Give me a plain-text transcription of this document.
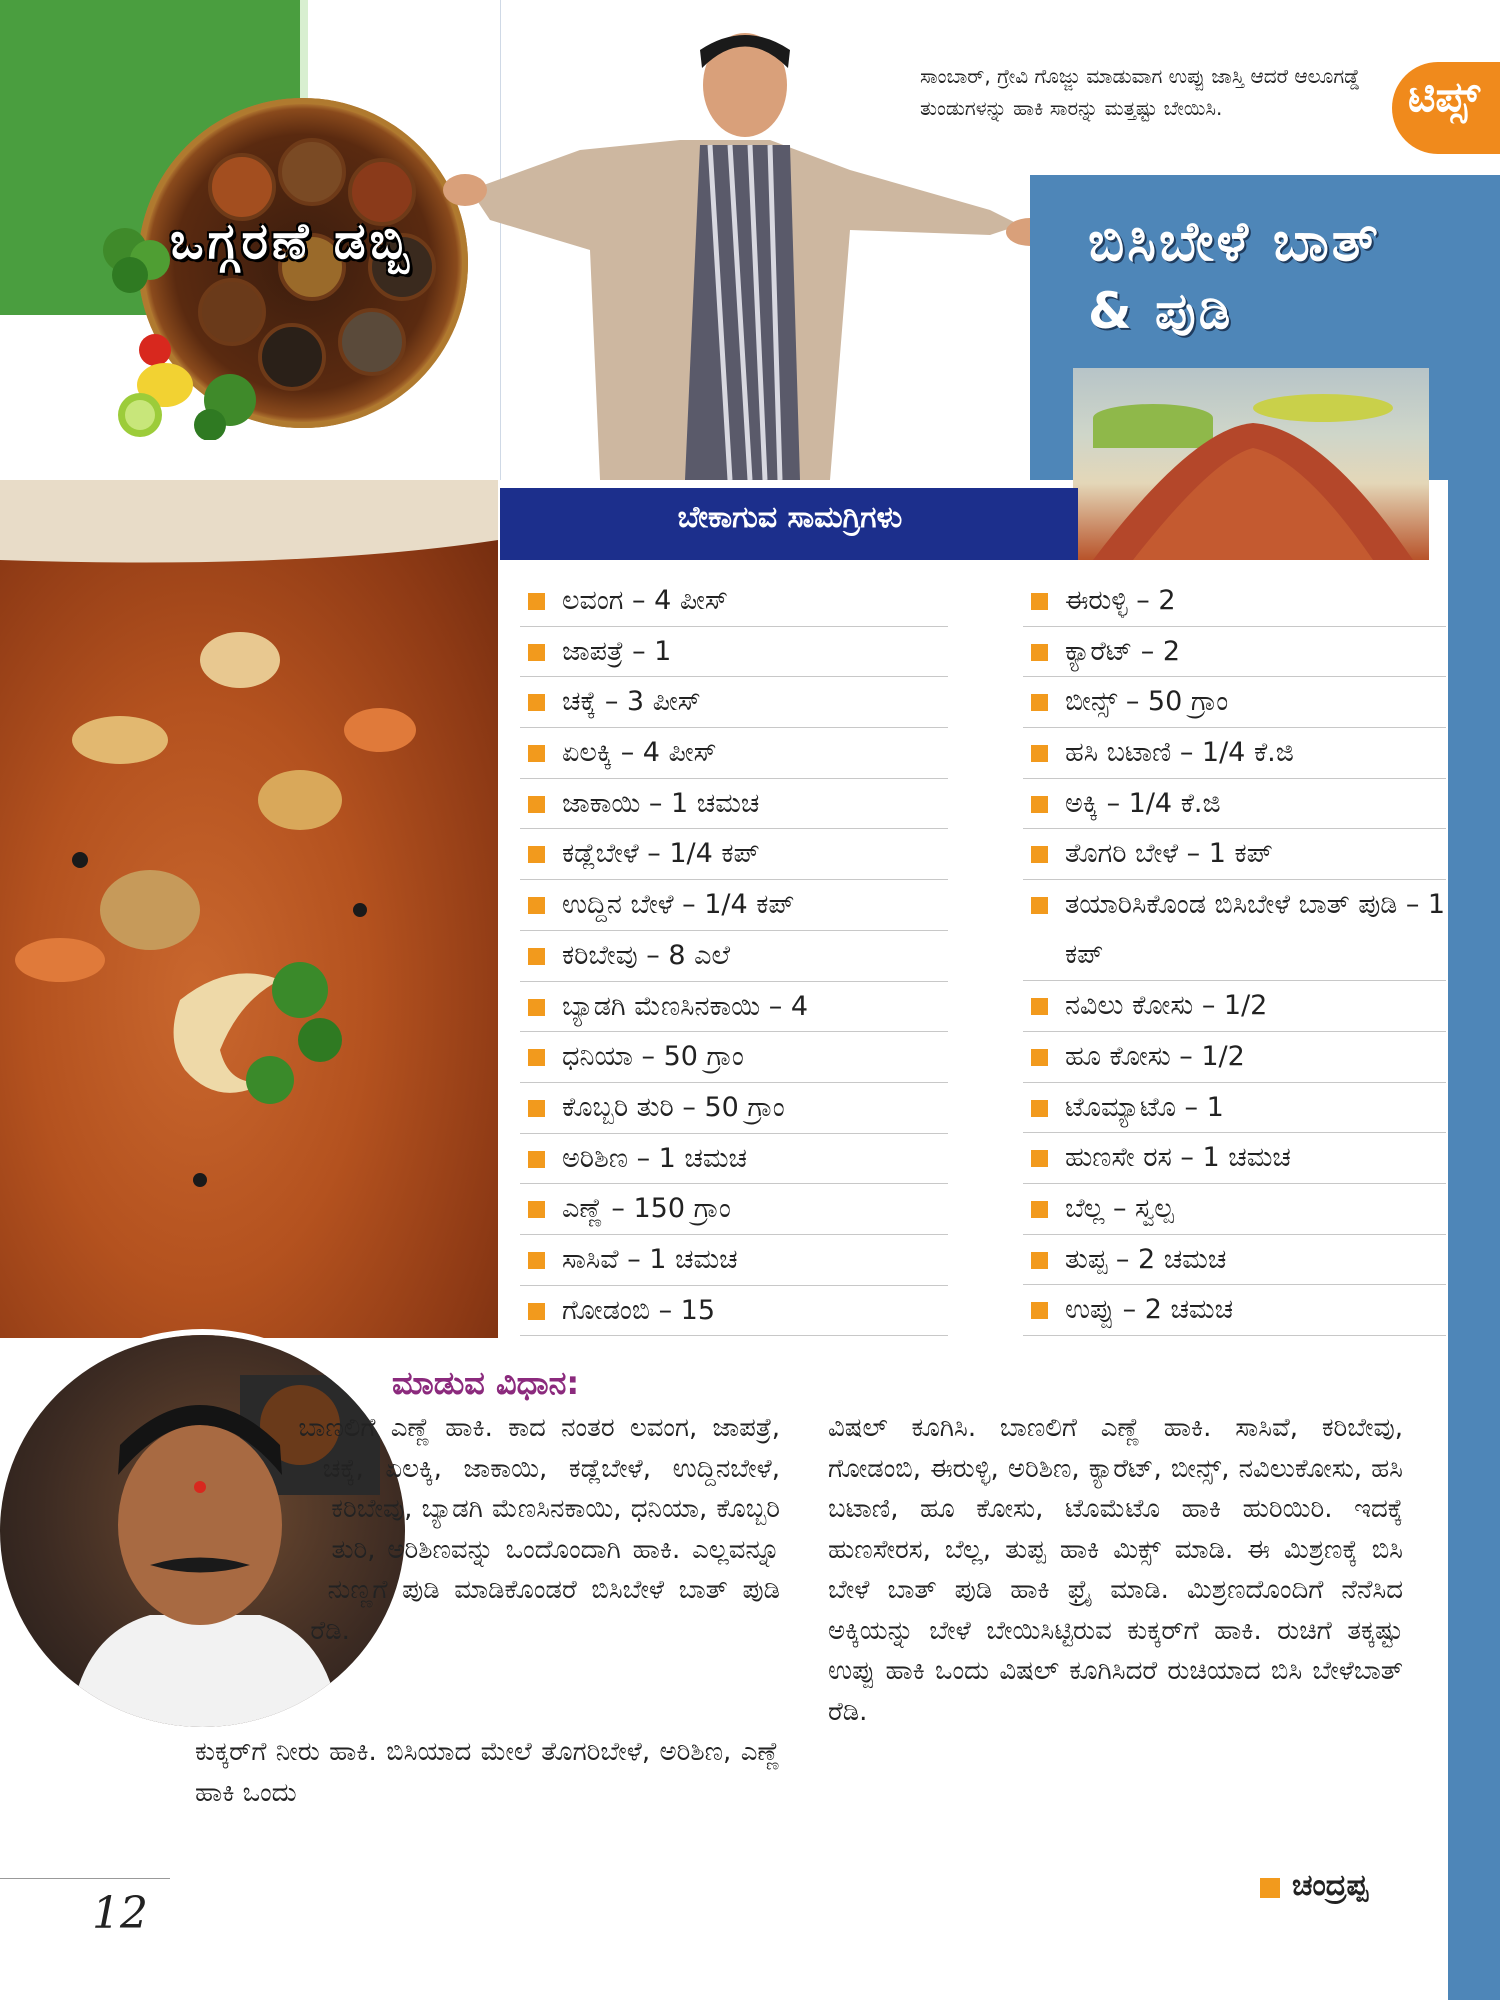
ಒಗ್ಗರಣೆ ಡಬ್ಬಿ
ಸಾಂಬಾರ್, ಗ್ರೇವಿ ಗೊಜ್ಜು ಮಾಡುವಾಗ ಉಪ್ಪು ಜಾಸ್ತಿ ಆದರೆ ಆಲೂಗಡ್ಡೆ ತುಂಡುಗಳನ್ನು ಹಾಕಿ ಸಾರನ್ನು ಮತ್ತಷ್ಟು ಬೇಯಿಸಿ.	ಟಿಪ್ಸ್
ಬಿಸಿಬೇಳೆ ಬಾತ್
& ಪುಡಿ
ಬೇಕಾಗುವ ಸಾಮಗ್ರಿಗಳು
ಲವಂಗ – 4 ಪೀಸ್
ಜಾಪತ್ರೆ – 1
ಚಕ್ಕೆ – 3 ಪೀಸ್
ಏಲಕ್ಕಿ – 4 ಪೀಸ್
ಜಾಕಾಯಿ – 1 ಚಮಚ
ಕಡ್ಲೆಬೇಳೆ – 1/4 ಕಪ್
ಉದ್ದಿನ ಬೇಳೆ – 1/4 ಕಪ್
ಕರಿಬೇವು – 8 ಎಲೆ
ಬ್ಯಾಡಗಿ ಮೆಣಸಿನಕಾಯಿ – 4
ಧನಿಯಾ – 50 ಗ್ರಾಂ
ಕೊಬ್ಬರಿ ತುರಿ – 50 ಗ್ರಾಂ
ಅರಿಶಿಣ – 1 ಚಮಚ
ಎಣ್ಣೆ – 150 ಗ್ರಾಂ
ಸಾಸಿವೆ – 1 ಚಮಚ
ಗೋಡಂಬಿ – 15
ಈರುಳ್ಳಿ – 2
ಕ್ಯಾರೆಟ್ – 2
ಬೀನ್ಸ್ – 50 ಗ್ರಾಂ
ಹಸಿ ಬಟಾಣಿ – 1/4 ಕೆ.ಜಿ
ಅಕ್ಕಿ – 1/4 ಕೆ.ಜಿ
ತೊಗರಿ ಬೇಳೆ – 1 ಕಪ್
ತಯಾರಿಸಿಕೊಂಡ ಬಿಸಿಬೇಳೆ ಬಾತ್ ಪುಡಿ – 1 ಕಪ್
ನವಿಲು ಕೋಸು – 1/2
ಹೂ ಕೋಸು – 1/2
ಟೊಮ್ಯಾಟೊ – 1
ಹುಣಸೇ ರಸ – 1 ಚಮಚ
ಬೆಲ್ಲ – ಸ್ವಲ್ಪ
ತುಪ್ಪ – 2 ಚಮಚ
ಉಪ್ಪು – 2 ಚಮಚ
ಮಾಡುವ ವಿಧಾನ:
ಬಾಣಲಿಗೆ ಎಣ್ಣೆ ಹಾಕಿ. ಕಾದ ನಂತರ ಲವಂಗ, ಜಾಪತ್ರೆ, ಚಕ್ಕೆ, ಏಲಕ್ಕಿ, ಜಾಕಾಯಿ, ಕಡ್ಲೆಬೇಳೆ, ಉದ್ದಿನಬೇಳೆ, ಕರಿಬೇವು, ಬ್ಯಾಡಗಿ ಮೆಣಸಿನಕಾಯಿ, ಧನಿಯಾ, ಕೊಬ್ಬರಿ ತುರಿ, ಅರಿಶಿಣವನ್ನು ಒಂದೊಂದಾಗಿ ಹಾಕಿ. ಎಲ್ಲವನ್ನೂ ನುಣ್ಣಗೆ ಪುಡಿ ಮಾಡಿಕೊಂಡರೆ ಬಿಸಿಬೇಳೆ ಬಾತ್ ಪುಡಿ ರೆಡಿ.
ಕುಕ್ಕರ್‌ಗೆ ನೀರು ಹಾಕಿ. ಬಿಸಿಯಾದ ಮೇಲೆ ತೊಗರಿಬೇಳೆ, ಅರಿಶಿಣ, ಎಣ್ಣೆ ಹಾಕಿ ಒಂದು
ವಿಷಲ್ ಕೂಗಿಸಿ. ಬಾಣಲಿಗೆ ಎಣ್ಣೆ ಹಾಕಿ. ಸಾಸಿವೆ, ಕರಿಬೇವು, ಗೋಡಂಬಿ, ಈರುಳ್ಳಿ, ಅರಿಶಿಣ, ಕ್ಯಾರೆಟ್, ಬೀನ್ಸ್, ನವಿಲುಕೋಸು, ಹಸಿ ಬಟಾಣಿ, ಹೂ ಕೋಸು, ಟೊಮೆಟೊ ಹಾಕಿ ಹುರಿಯಿರಿ. ಇದಕ್ಕೆ ಹುಣಸೇರಸ, ಬೆಲ್ಲ, ತುಪ್ಪ ಹಾಕಿ ಮಿಕ್ಸ್ ಮಾಡಿ. ಈ ಮಿಶ್ರಣಕ್ಕೆ ಬಿಸಿ ಬೇಳೆ ಬಾತ್ ಪುಡಿ ಹಾಕಿ ಫ್ರೈ ಮಾಡಿ. ಮಿಶ್ರಣದೊಂದಿಗೆ ನೆನೆಸಿದ ಅಕ್ಕಿಯನ್ನು ಬೇಳೆ ಬೇಯಿಸಿಟ್ಟಿರುವ ಕುಕ್ಕರ್‌ಗೆ ಹಾಕಿ. ರುಚಿಗೆ ತಕ್ಕಷ್ಟು ಉಪ್ಪು ಹಾಕಿ ಒಂದು ವಿಷಲ್ ಕೂಗಿಸಿದರೆ ರುಚಿಯಾದ ಬಿಸಿ ಬೇಳೆಬಾತ್ ರೆಡಿ.
ಚಂದ್ರಪ್ಪ
12
